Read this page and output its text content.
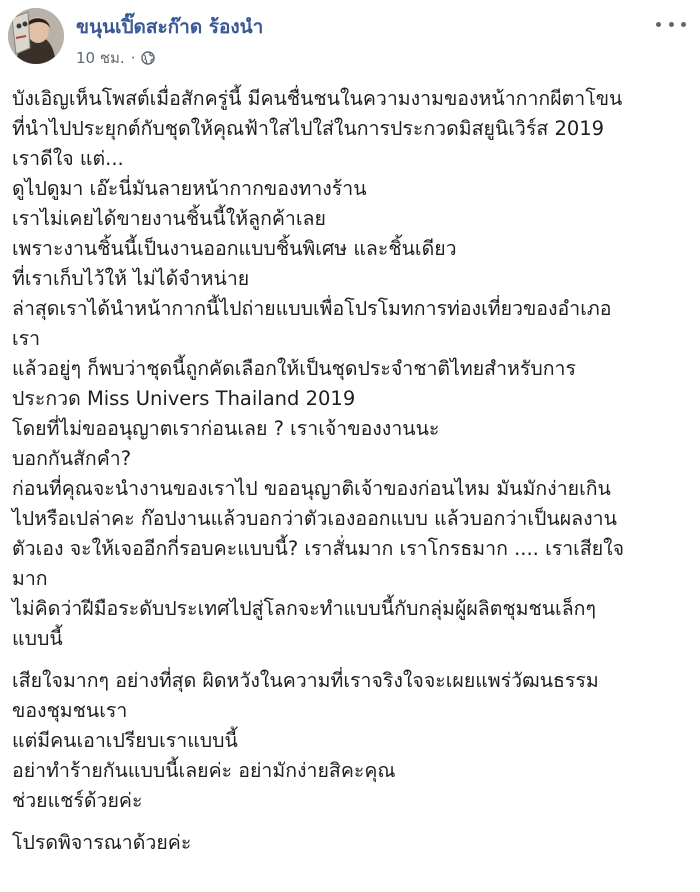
ขนุนเปิ๊ดสะก๊าด ร้องนำ
10 ชม. ·
บังเอิญเห็นโพสต์เมื่อสักครู่นี้ มีคนชื่นชนในความงามของหน้ากากผีตาโขน
ที่นำไปประยุกต์กับชุดให้คุณฟ้าใสไปใส่ในการประกวดมิสยูนิเวิร์ส 2019
เราดีใจ แต่...
ดูไปดูมา เอ๊ะนี่มันลายหน้ากากของทางร้าน
เราไม่เคยได้ขายงานชิ้นนี้ให้ลูกค้าเลย
เพราะงานชิ้นนี้เป็นงานออกแบบชิ้นพิเศษ และชิ้นเดียว
ที่เราเก็บไว้ให้ ไม่ได้จำหน่าย
ล่าสุดเราได้นำหน้ากากนี้ไปถ่ายแบบเพื่อโปรโมทการท่องเที่ยวของอำเภอ
เรา
แล้วอยู่ๆ ก็พบว่าชุดนี้ถูกคัดเลือกให้เป็นชุดประจำชาติไทยสำหรับการ
ประกวด Miss Univers Thailand 2019
โดยที่ไม่ขออนุญาตเราก่อนเลย ? เราเจ้าของงานนะ
บอกกันสักคำ?
ก่อนที่คุณจะนำงานของเราไป ขออนุญาติเจ้าของก่อนไหม มันมักง่ายเกิน
ไปหรือเปล่าคะ ก๊อปงานแล้วบอกว่าตัวเองออกแบบ แล้วบอกว่าเป็นผลงาน
ตัวเอง จะให้เจออีกกี่รอบคะแบบนี้? เราสั่นมาก เราโกรธมาก .... เราเสียใจ
มาก
ไม่คิดว่าฝีมือระดับประเทศไปสู่โลกจะทำแบบนี้กับกลุ่มผู้ผลิตชุมชนเล็กๆ
แบบนี้
เสียใจมากๆ อย่างที่สุด ผิดหวังในความที่เราจริงใจจะเผยแพร่วัฒนธรรม
ของชุมชนเรา
แต่มีคนเอาเปรียบเราแบบนี้
อย่าทำร้ายกันแบบนี้เลยค่ะ อย่ามักง่ายสิคะคุณ
ช่วยแชร์ด้วยค่ะ
โปรดพิจารณาด้วยค่ะ
